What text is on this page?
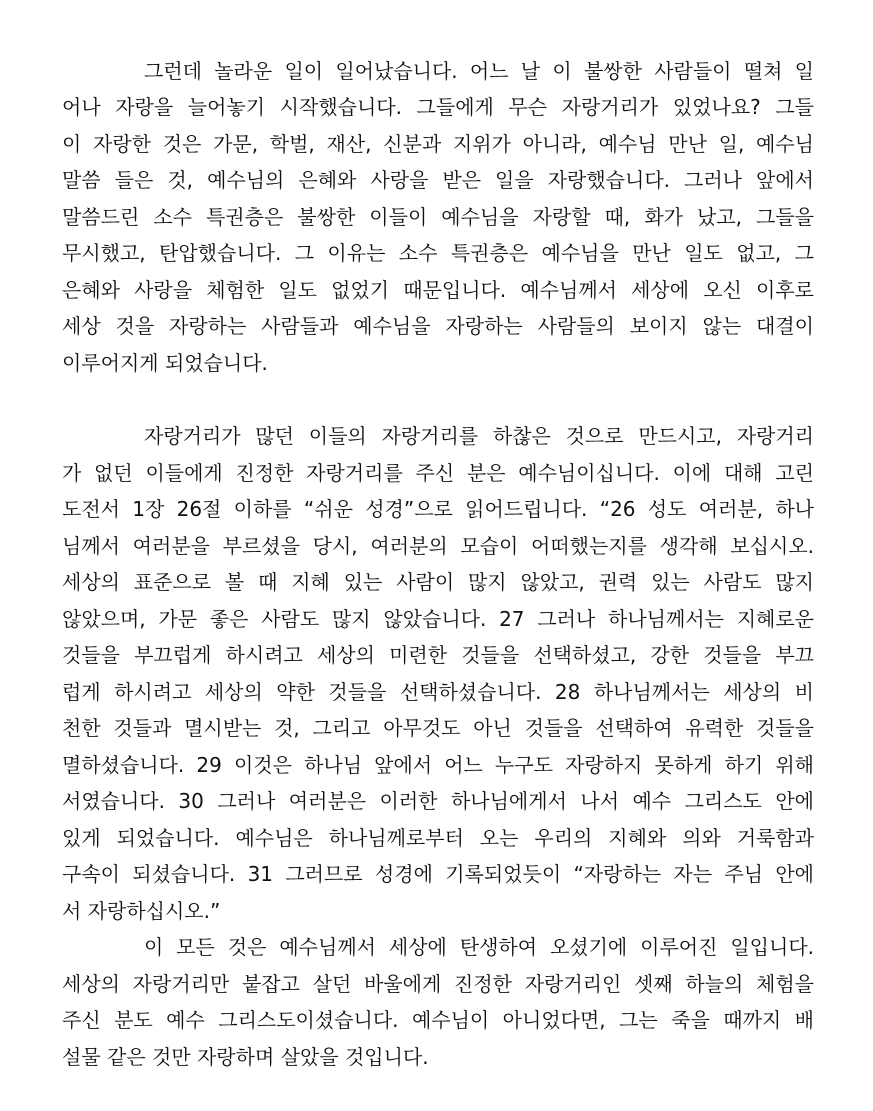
그런데 놀라운 일이 일어났습니다. 어느 날 이 불쌍한 사람들이 떨쳐 일
어나 자랑을 늘어놓기 시작했습니다. 그들에게 무슨 자랑거리가 있었나요? 그들
이 자랑한 것은 가문, 학벌, 재산, 신분과 지위가 아니라, 예수님 만난 일, 예수님
말씀 들은 것, 예수님의 은혜와 사랑을 받은 일을 자랑했습니다. 그러나 앞에서
말씀드린 소수 특권층은 불쌍한 이들이 예수님을 자랑할 때, 화가 났고, 그들을
무시했고, 탄압했습니다. 그 이유는 소수 특권층은 예수님을 만난 일도 없고, 그
은혜와 사랑을 체험한 일도 없었기 때문입니다. 예수님께서 세상에 오신 이후로
세상 것을 자랑하는 사람들과 예수님을 자랑하는 사람들의 보이지 않는 대결이
이루어지게 되었습니다.
자랑거리가 많던 이들의 자랑거리를 하찮은 것으로 만드시고, 자랑거리
가 없던 이들에게 진정한 자랑거리를 주신 분은 예수님이십니다. 이에 대해 고린
도전서 1장 26절 이하를 “쉬운 성경”으로 읽어드립니다. “26 성도 여러분, 하나
님께서 여러분을 부르셨을 당시, 여러분의 모습이 어떠했는지를 생각해 보십시오.
세상의 표준으로 볼 때 지혜 있는 사람이 많지 않았고, 권력 있는 사람도 많지
않았으며, 가문 좋은 사람도 많지 않았습니다. 27 그러나 하나님께서는 지혜로운
것들을 부끄럽게 하시려고 세상의 미련한 것들을 선택하셨고, 강한 것들을 부끄
럽게 하시려고 세상의 약한 것들을 선택하셨습니다. 28 하나님께서는 세상의 비
천한 것들과 멸시받는 것, 그리고 아무것도 아닌 것들을 선택하여 유력한 것들을
멸하셨습니다. 29 이것은 하나님 앞에서 어느 누구도 자랑하지 못하게 하기 위해
서였습니다. 30 그러나 여러분은 이러한 하나님에게서 나서 예수 그리스도 안에
있게 되었습니다. 예수님은 하나님께로부터 오는 우리의 지혜와 의와 거룩함과
구속이 되셨습니다. 31 그러므로 성경에 기록되었듯이 “자랑하는 자는 주님 안에
서 자랑하십시오.”
이 모든 것은 예수님께서 세상에 탄생하여 오셨기에 이루어진 일입니다.
세상의 자랑거리만 붙잡고 살던 바울에게 진정한 자랑거리인 셋째 하늘의 체험을
주신 분도 예수 그리스도이셨습니다. 예수님이 아니었다면, 그는 죽을 때까지 배
설물 같은 것만 자랑하며 살았을 것입니다.
